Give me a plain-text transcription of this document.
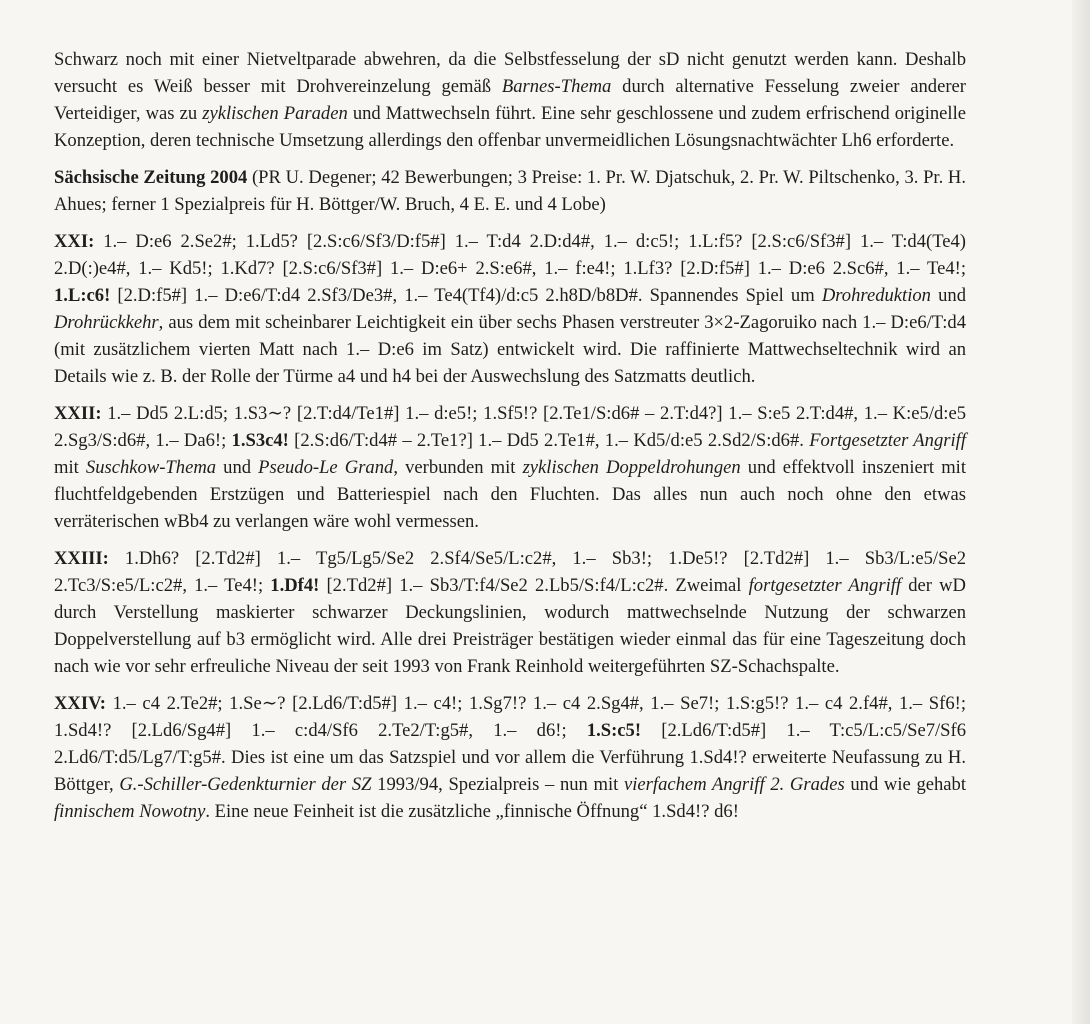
Schwarz noch mit einer Nietveltparade abwehren, da die Selbstfesselung der sD nicht genutzt werden kann. Deshalb versucht es Weiß besser mit Drohvereinzelung gemäß Barnes-Thema durch alternative Fesselung zweier anderer Verteidiger, was zu zyklischen Paraden und Mattwechseln führt. Eine sehr geschlossene und zudem erfrischend originelle Konzeption, deren technische Umsetzung allerdings den offenbar unvermeidlichen Lösungsnachtwächter Lh6 erforderte.

Sächsische Zeitung 2004 (PR U. Degener; 42 Bewerbungen; 3 Preise: 1. Pr. W. Djatschuk, 2. Pr. W. Piltschenko, 3. Pr. H. Ahues; ferner 1 Spezialpreis für H. Böttger/W. Bruch, 4 E. E. und 4 Lobe)

XXI: 1.– D:e6 2.Se2#; 1.Ld5? [2.S:c6/Sf3/D:f5#] 1.– T:d4 2.D:d4#, 1.– d:c5!; 1.L:f5? [2.S:c6/Sf3#] 1.– T:d4(Te4) 2.D(:)e4#, 1.– Kd5!; 1.Kd7? [2.S:c6/Sf3#] 1.– D:e6+ 2.S:e6#, 1.– f:e4!; 1.Lf3? [2.D:f5#] 1.– D:e6 2.Sc6#, 1.– Te4!; 1.L:c6! [2.D:f5#] 1.– D:e6/T:d4 2.Sf3/De3#, 1.– Te4(Tf4)/d:c5 2.h8D/b8D#. Spannendes Spiel um Drohreduktion und Drohrückkehr, aus dem mit scheinbarer Leichtigkeit ein über sechs Phasen verstreuter 3×2-Zagoruiko nach 1.– D:e6/T:d4 (mit zusätzlichem vierten Matt nach 1.– D:e6 im Satz) entwickelt wird. Die raffinierte Mattwechseltechnik wird an Details wie z. B. der Rolle der Türme a4 und h4 bei der Auswechslung des Satzmatts deutlich.

XXII: 1.– Dd5 2.L:d5; 1.S3∼? [2.T:d4/Te1#] 1.– d:e5!; 1.Sf5!? [2.Te1/S:d6# – 2.T:d4?] 1.– S:e5 2.T:d4#, 1.– K:e5/d:e5 2.Sg3/S:d6#, 1.– Da6!; 1.S3c4! [2.S:d6/T:d4# – 2.Te1?] 1.– Dd5 2.Te1#, 1.– Kd5/d:e5 2.Sd2/S:d6#. Fortgesetzter Angriff mit Suschkow-Thema und Pseudo-Le Grand, verbunden mit zyklischen Doppeldrohungen und effektvoll inszeniert mit fluchtfeldgebenden Erstzügen und Batteriespiel nach den Fluchten. Das alles nun auch noch ohne den etwas verräterischen wBb4 zu verlangen wäre wohl vermessen.

XXIII: 1.Dh6? [2.Td2#] 1.– Tg5/Lg5/Se2 2.Sf4/Se5/L:c2#, 1.– Sb3!; 1.De5!? [2.Td2#] 1.– Sb3/L:e5/Se2 2.Tc3/S:e5/L:c2#, 1.– Te4!; 1.Df4! [2.Td2#] 1.– Sb3/T:f4/Se2 2.Lb5/S:f4/L:c2#. Zweimal fortgesetzter Angriff der wD durch Verstellung maskierter schwarzer Deckungslinien, wodurch mattwechselnde Nutzung der schwarzen Doppelverstellung auf b3 ermöglicht wird. Alle drei Preisträger bestätigen wieder einmal das für eine Tageszeitung doch nach wie vor sehr erfreuliche Niveau der seit 1993 von Frank Reinhold weitergeführten SZ-Schachspalte.

XXIV: 1.– c4 2.Te2#; 1.Se∼? [2.Ld6/T:d5#] 1.– c4!; 1.Sg7!? 1.– c4 2.Sg4#, 1.– Se7!; 1.S:g5!? 1.– c4 2.f4#, 1.– Sf6!; 1.Sd4!? [2.Ld6/Sg4#] 1.– c:d4/Sf6 2.Te2/T:g5#, 1.– d6!; 1.S:c5! [2.Ld6/T:d5#] 1.– T:c5/L:c5/Se7/Sf6 2.Ld6/T:d5/Lg7/T:g5#. Dies ist eine um das Satzspiel und vor allem die Verführung 1.Sd4!? erweiterte Neufassung zu H. Böttger, G.-Schiller-Gedenkturnier der SZ 1993/94, Spezialpreis – nun mit vierfachem Angriff 2. Grades und wie gehabt finnischem Nowotny. Eine neue Feinheit ist die zusätzliche „finnische Öffnung“ 1.Sd4!? d6!
